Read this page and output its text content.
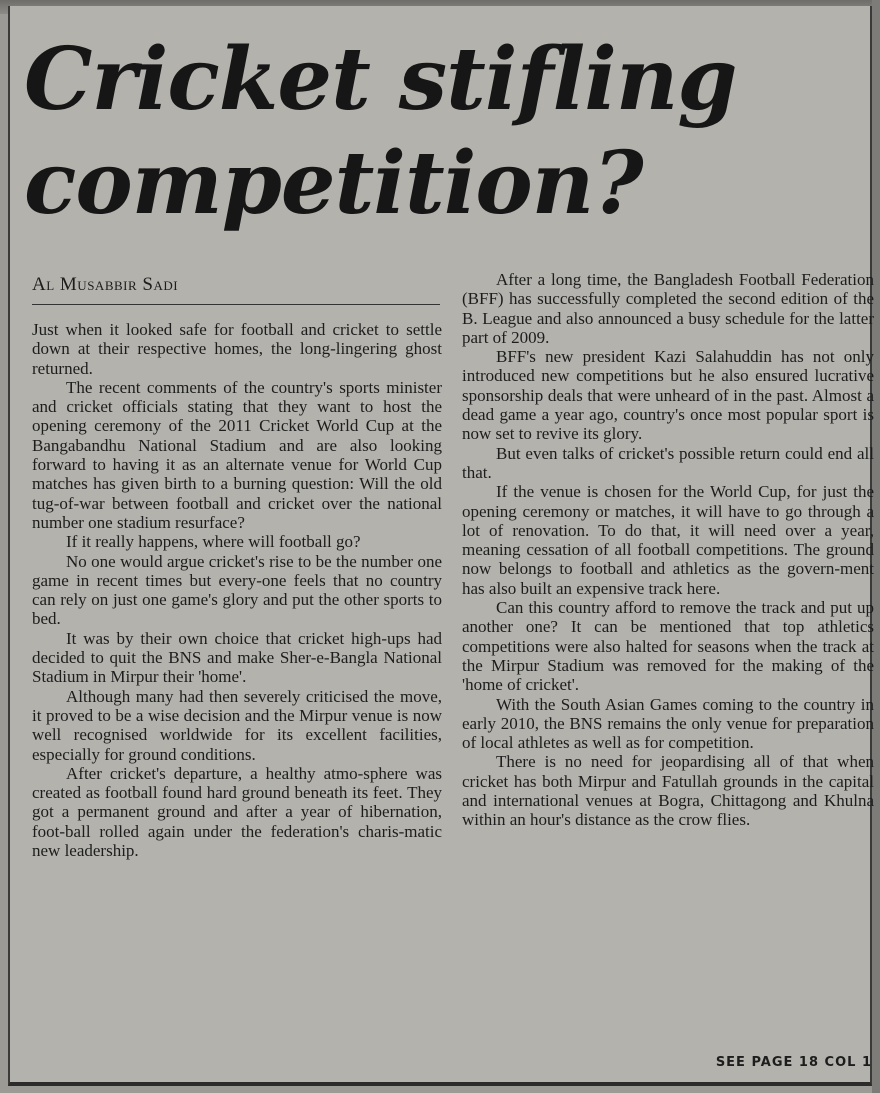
Cricket stifling competition?
Al Musabbir Sadi

Just when it looked safe for football and cricket to settle down at their respective homes, the long-lingering ghost returned.

The recent comments of the country's sports minister and cricket officials stating that they want to host the opening ceremony of the 2011 Cricket World Cup at the Bangabandhu National Stadium and are also looking forward to having it as an alternate venue for World Cup matches has given birth to a burning question: Will the old tug-of-war between football and cricket over the national number one stadium resurface?

If it really happens, where will football go?

No one would argue cricket's rise to be the number one game in recent times but every-one feels that no country can rely on just one game's glory and put the other sports to bed.

It was by their own choice that cricket high-ups had decided to quit the BNS and make Sher-e-Bangla National Stadium in Mirpur their 'home'.

Although many had then severely criticised the move, it proved to be a wise decision and the Mirpur venue is now well recognised worldwide for its excellent facilities, especially for ground conditions.

After cricket's departure, a healthy atmo-sphere was created as football found hard ground beneath its feet. They got a permanent ground and after a year of hibernation, foot-ball rolled again under the federation's charis-matic new leadership.

After a long time, the Bangladesh Football Federation (BFF) has successfully completed the second edition of the B. League and also announced a busy schedule for the latter part of 2009.

BFF's new president Kazi Salahuddin has not only introduced new competitions but he also ensured lucrative sponsorship deals that were unheard of in the past. Almost a dead game a year ago, country's once most popular sport is now set to revive its glory.

But even talks of cricket's possible return could end all that.

If the venue is chosen for the World Cup, for just the opening ceremony or matches, it will have to go through a lot of renovation. To do that, it will need over a year, meaning cessation of all football competitions. The ground now belongs to football and athletics as the govern-ment has also built an expensive track here.

Can this country afford to remove the track and put up another one? It can be mentioned that top athletics competitions were also halted for seasons when the track at the Mirpur Stadium was removed for the making of the 'home of cricket'.

With the South Asian Games coming to the country in early 2010, the BNS remains the only venue for preparation of local athletes as well as for competition.

There is no need for jeopardising all of that when cricket has both Mirpur and Fatullah grounds in the capital and international venues at Bogra, Chittagong and Khulna within an hour's distance as the crow flies.

SEE PAGE 18 COL 1
